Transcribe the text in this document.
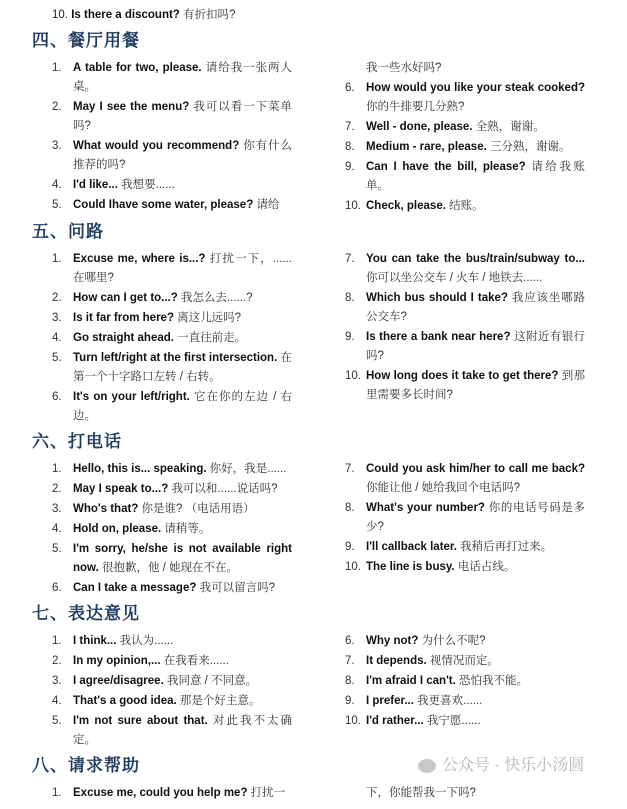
10. Is there a discount? 有折扣吗?
四、餐厅用餐
1. A table for two, please. 请给我一张两人桌。
2. May I see the menu? 我可以看一下菜单吗?
3. What would you recommend? 你有什么推荐的吗?
4. I'd like... 我想要......
5. Could Ihave some water, please? 请给
我一些水好吗?
6. How would you like your steak cooked? 你的牛排要几分熟?
7. Well - done, please. 全熟，谢谢。
8. Medium - rare, please. 三分熟，谢谢。
9. Can I have the bill, please? 请给我账单。
10. Check, please. 结账。
五、问路
1. Excuse me, where is...? 打扰一下，......在哪里?
2. How can I get to...? 我怎么去......?
3. Is it far from here? 离这儿远吗?
4. Go straight ahead. 一直往前走。
5. Turn left/right at the first intersection. 在第一个十字路口左转 / 右转。
6. It's on your left/right. 它在你的左边 / 右边。
7. You can take the bus/train/subway to... 你可以坐公交车 / 火车 / 地铁去......
8. Which bus should I take? 我应该坐哪路公交车?
9. Is there a bank near here? 这附近有银行吗?
10. How long does it take to get there? 到那里需要多长时间?
六、打电话
1. Hello, this is... speaking. 你好，我是......
2. May I speak to...? 我可以和......说话吗?
3. Who's that? 你是谁? （电话用语）
4. Hold on, please. 请稍等。
5. I'm sorry, he/she is not available right now. 很抱歉，他 / 她现在不在。
6. Can I take a message? 我可以留言吗?
7. Could you ask him/her to call me back? 你能让他 / 她给我回个电话吗?
8. What's your number? 你的电话号码是多少?
9. I'll callback later. 我稍后再打过来。
10. The line is busy. 电话占线。
七、表达意见
1. I think... 我认为......
2. In my opinion,... 在我看来......
3. I agree/disagree. 我同意 / 不同意。
4. That's a good idea. 那是个好主意。
5. I'm not sure about that. 对此我不太确定。
6. Why not? 为什么不呢?
7. It depends. 视情况而定。
8. I'm afraid I can't. 恐怕我不能。
9. I prefer... 我更喜欢......
10. I'd rather... 我宁愿......
八、请求帮助	公众号 · 快乐小汤圆
1. Excuse me, could you help me? 打扰一	下，你能帮我一下吗?
